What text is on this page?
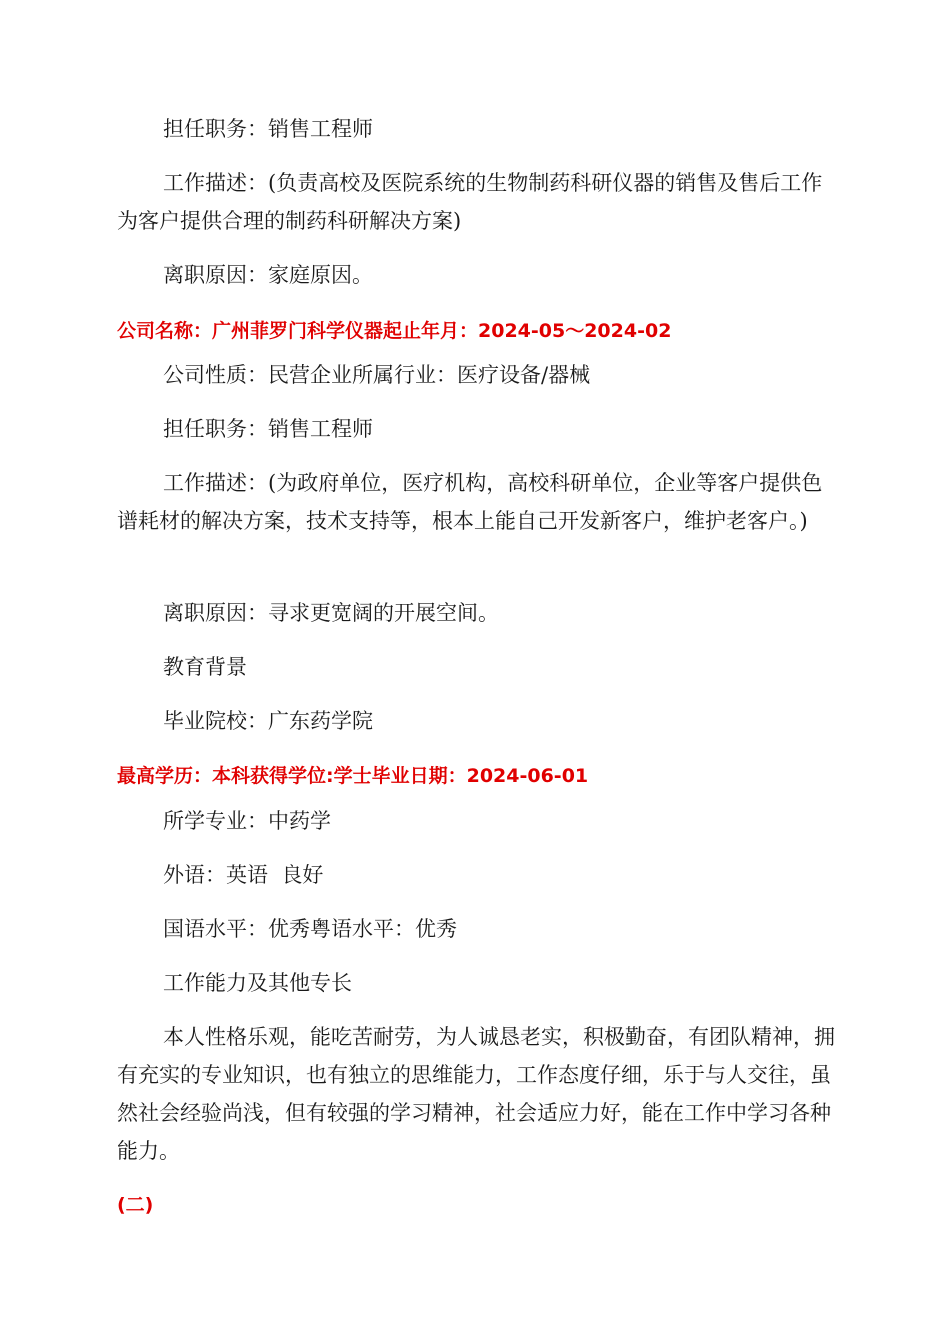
担任职务：销售工程师

工作描述：(负责高校及医院系统的生物制药科研仪器的销售及售后工作为客户提供合理的制药科研解决方案)

离职原因：家庭原因。

公司名称：广州菲罗门科学仪器起止年月：2024-05～2024-02

公司性质：民营企业所属行业：医疗设备/器械

担任职务：销售工程师

工作描述：(为政府单位，医疗机构，高校科研单位，企业等客户提供色谱耗材的解决方案，技术支持等，根本上能自己开发新客户，维护老客户。)

离职原因：寻求更宽阔的开展空间。

教育背景

毕业院校：广东药学院

最高学历：本科获得学位:学士毕业日期：2024-06-01

所学专业：中药学

外语：英语  良好

国语水平：优秀粤语水平：优秀

工作能力及其他专长

本人性格乐观，能吃苦耐劳，为人诚恳老实，积极勤奋，有团队精神，拥有充实的专业知识，也有独立的思维能力，工作态度仔细，乐于与人交往，虽然社会经验尚浅，但有较强的学习精神，社会适应力好，能在工作中学习各种能力。

(二)
